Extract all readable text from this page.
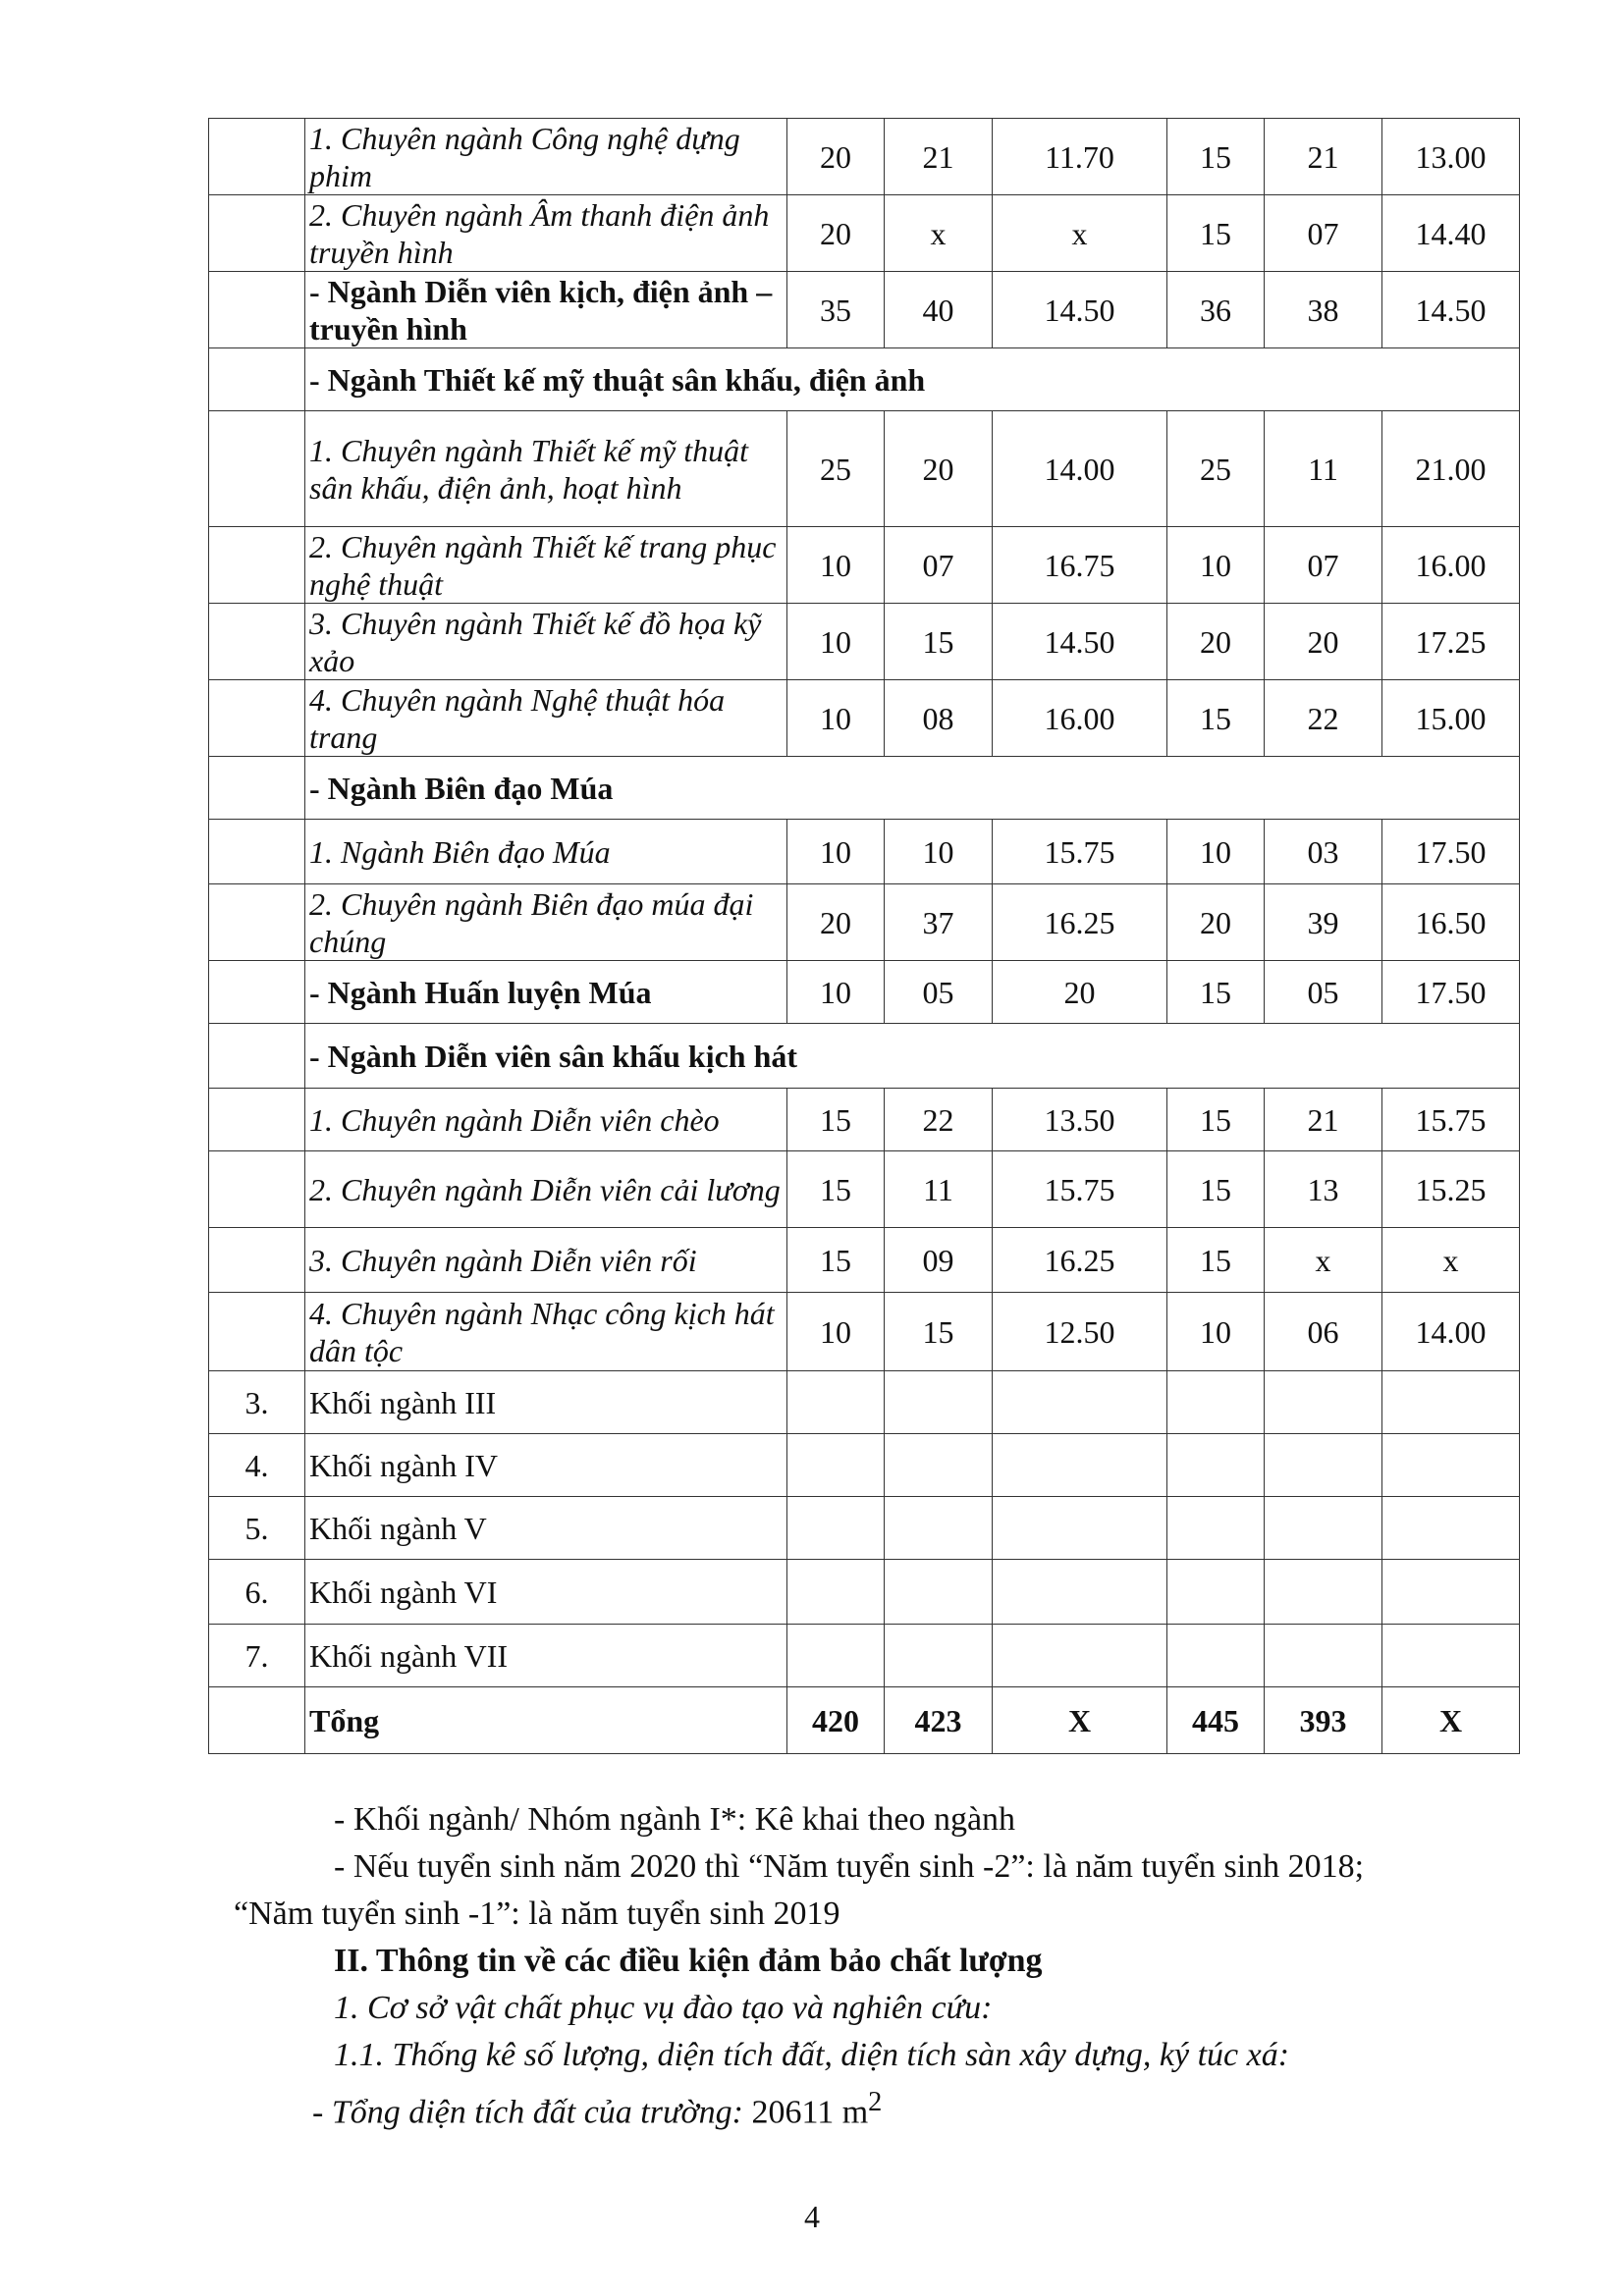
	1. Chuyên ngành Công nghệ dựng phim	20	21	11.70	15	21	13.00
	2. Chuyên ngành Âm thanh điện ảnh truyền hình	20	x	x	15	07	14.40
	- Ngành Diễn viên kịch, điện ảnh – truyền hình	35	40	14.50	36	38	14.50
	- Ngành Thiết kế mỹ thuật sân khấu, điện ảnh						
	1. Chuyên ngành Thiết kế mỹ thuật sân khấu, điện ảnh, hoạt hình	25	20	14.00	25	11	21.00
	2. Chuyên ngành Thiết kế trang phục nghệ thuật	10	07	16.75	10	07	16.00
	3. Chuyên ngành Thiết kế đồ họa kỹ xảo	10	15	14.50	20	20	17.25
	4. Chuyên ngành Nghệ thuật hóa trang	10	08	16.00	15	22	15.00
	- Ngành Biên đạo Múa						
	1. Ngành Biên đạo Múa	10	10	15.75	10	03	17.50
	2. Chuyên ngành Biên đạo múa đại chúng	20	37	16.25	20	39	16.50
	- Ngành Huấn luyện Múa	10	05	20	15	05	17.50
	- Ngành Diễn viên sân khấu kịch hát						
	1. Chuyên ngành Diễn viên chèo	15	22	13.50	15	21	15.75
	2. Chuyên ngành Diễn viên cải lương	15	11	15.75	15	13	15.25
	3. Chuyên ngành Diễn viên rối	15	09	16.25	15	x	x
	4. Chuyên ngành Nhạc công kịch hát dân tộc	10	15	12.50	10	06	14.00
3.	Khối ngành III						
4.	Khối ngành IV						
5.	Khối ngành V						
6.	Khối ngành VI						
7.	Khối ngành VII						
	Tổng	420	423	X	445	393	X

- Khối ngành/ Nhóm ngành I*: Kê khai theo ngành

- Nếu tuyển sinh năm 2020 thì “Năm tuyển sinh -2”: là năm tuyển sinh 2018;

“Năm tuyển sinh -1”: là năm tuyển sinh 2019

II. Thông tin về các điều kiện đảm bảo chất lượng

1. Cơ sở vật chất phục vụ đào tạo và nghiên cứu:

1.1. Thống kê số lượng, diện tích đất, diện tích sàn xây dựng, ký túc xá:

- Tổng diện tích đất của trường: 20611 $m^2$

4
